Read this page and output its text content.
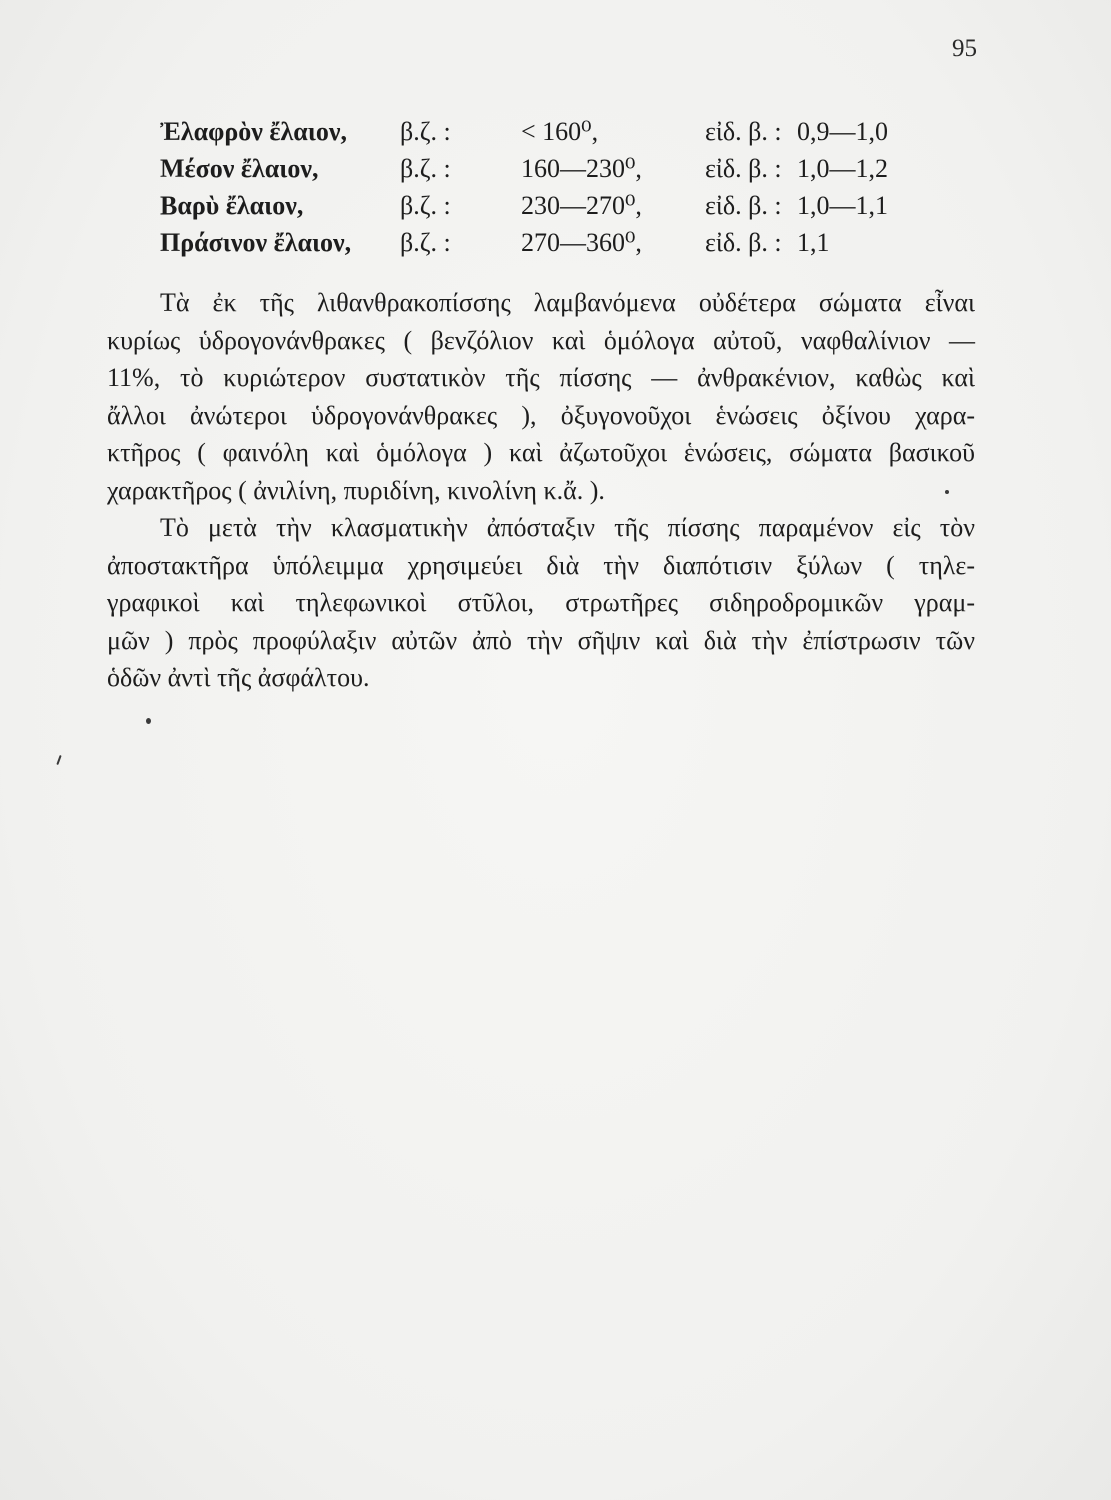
95
Ἐλαφρὸν ἔλαιον, β.ζ. :	< 160⁰,	εἰδ. β. : 0,9—1,0
Μέσον ἔλαιον,	β.ζ. :	160—230⁰, εἰδ. β. : 1,0—1,2
Βαρὺ ἔλαιον,	β.ζ. :	230—270⁰, εἰδ. β. : 1,0—1,1
Πράσινον ἔλαιον, β.ζ. :	270—360⁰, εἰδ. β. : 1,1
Τὰ ἐκ τῆς λιθανθρακοπίσσης λαμβανόμενα οὐδέτερα σώματα εἶναι
κυρίως ὑδρογονάνθρακες ( βενζόλιον καὶ ὁμόλογα αὐτοῦ, ναφθαλίνιον —
11%, τὸ κυριώτερον συστατικὸν τῆς πίσσης — ἀνθρακένιον, καθὼς καὶ
ἄλλοι ἀνώτεροι ὑδρογονάνθρακες ), ὀξυγονοῦχοι ἑνώσεις ὀξίνου χαρα-
κτῆρος ( φαινόλη καὶ ὁμόλογα ) καὶ ἀζωτοῦχοι ἑνώσεις, σώματα βασικοῦ
χαρακτῆρος ( ἀνιλίνη, πυριδίνη, κινολίνη κ.ἄ. ).
Τὸ μετὰ τὴν κλασματικὴν ἀπόσταξιν τῆς πίσσης παραμένον εἰς τὸν
ἀποστακτῆρα ὑπόλειμμα χρησιμεύει διὰ τὴν διαπότισιν ξύλων ( τηλε-
γραφικοὶ καὶ τηλεφωνικοὶ στῦλοι, στρωτῆρες σιδηροδρομικῶν γραμ-
μῶν ) πρὸς προφύλαξιν αὐτῶν ἀπὸ τὴν σῆψιν καὶ διὰ τὴν ἐπίστρωσιν τῶν
ὁδῶν ἀντὶ τῆς ἀσφάλτου.
